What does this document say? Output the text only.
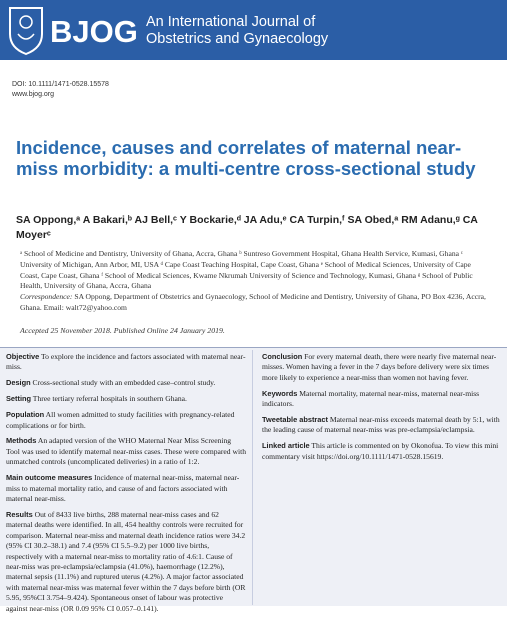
BJOG An International Journal of
Obstetrics and Gynaecology
DOI: 10.1111/1471-0528.15578
www.bjog.org
Incidence, causes and correlates of maternal near-miss morbidity: a multi-centre cross-sectional study
SA Oppong,ᵃ A Bakari,ᵇ AJ Bell,ᶜ Y Bockarie,ᵈ JA Adu,ᵉ CA Turpin,ᶠ SA Obed,ᵃ RM Adanu,ᵍ CA Moyerᶜ
ᵃ School of Medicine and Dentistry, University of Ghana, Accra, Ghana ᵇ Suntreso Government Hospital, Ghana Health Service, Kumasi, Ghana ᶜ University of Michigan, Ann Arbor, MI, USA ᵈ Cape Coast Teaching Hospital, Cape Coast, Ghana ᵉ School of Medical Sciences, University of Cape Coast, Cape Coast, Ghana ᶠ School of Medical Sciences, Kwame Nkrumah University of Science and Technology, Kumasi, Ghana ᵍ School of Public Health, University of Ghana, Accra, Ghana
Correspondence: SA Oppong, Department of Obstetrics and Gynaecology, School of Medicine and Dentistry, University of Ghana, PO Box 4236, Accra, Ghana. Email: walt72@yahoo.com
Accepted 25 November 2018. Published Online 24 January 2019.

Objective To explore the incidence and factors associated with maternal near-miss.

Design Cross-sectional study with an embedded case–control study.

Setting Three tertiary referral hospitals in southern Ghana.

Population All women admitted to study facilities with pregnancy-related complications or for birth.

Methods An adapted version of the WHO Maternal Near Miss Screening Tool was used to identify maternal near-miss cases. These were compared with unmatched controls (uncomplicated deliveries) in a ratio of 1:2.

Main outcome measures Incidence of maternal near-miss, maternal near-miss to maternal mortality ratio, and cause of and factors associated with maternal near-miss.

Results Out of 8433 live births, 288 maternal near-miss cases and 62 maternal deaths were identified. In all, 454 healthy controls were recruited for comparison. Maternal near-miss and maternal death incidence ratios were 34.2 (95% CI 30.2–38.1) and 7.4 (95% CI 5.5–9.2) per 1000 live births, respectively with a maternal near-miss to mortality ratio of 4.6:1. Cause of near-miss was pre-eclampsia/eclampsia (41.0%), haemorrhage (12.2%), maternal sepsis (11.1%) and ruptured uterus (4.2%). A major factor associated with maternal near-miss was maternal fever within the 7 days before birth (OR 5.95, 95%CI 3.754–9.424). Spontaneous onset of labour was protective against near-miss (OR 0.09 95% CI 0.057–0.141).

Conclusion For every maternal death, there were nearly five maternal near-misses. Women having a fever in the 7 days before delivery were six times more likely to experience a near-miss than women not having fever.

Keywords Maternal mortality, maternal near-miss, maternal near-miss indicators.

Tweetable abstract Maternal near-miss exceeds maternal death by 5:1, with the leading cause of maternal near-miss was pre-eclampsia/eclampsia.

Linked article This article is commented on by Okonofua. To view this mini commentary visit https://doi.org/10.1111/1471-0528.15619.
